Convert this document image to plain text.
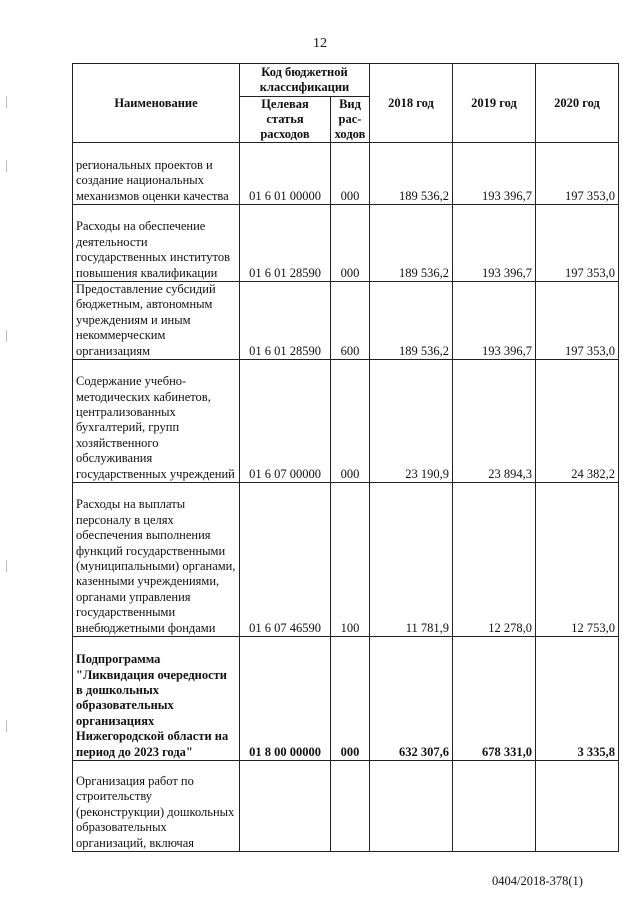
12
Наименование	Код бюджетной классификации		2018 год	2019 год	2020 год
	Целевая статья расходов	Вид рас-ходов			
региональных проектов и создание национальных механизмов оценки качества	01 6 01 00000	000	189 536,2	193 396,7	197 353,0
Расходы на обеспечение деятельности государственных институтов повышения квалификации	01 6 01 28590	000	189 536,2	193 396,7	197 353,0
Предоставление субсидий бюджетным, автономным учреждениям и иным некоммерческим организациям	01 6 01 28590	600	189 536,2	193 396,7	197 353,0
Содержание учебно-методических кабинетов, централизованных бухгалтерий, групп хозяйственного обслуживания государственных учреждений	01 6 07 00000	000	23 190,9	23 894,3	24 382,2
Расходы на выплаты персоналу в целях обеспечения выполнения функций государственными (муниципальными) органами, казенными учреждениями, органами управления государственными внебюджетными фондами	01 6 07 46590	100	11 781,9	12 278,0	12 753,0
Подпрограмма "Ликвидация очередности в дошкольных образовательных организациях Нижегородской области на период до 2023 года"	01 8 00 00000	000	632 307,6	678 331,0	3 335,8
Организация работ по строительству (реконструкции) дошкольных образовательных организаций, включая					
0404/2018-378(1)
